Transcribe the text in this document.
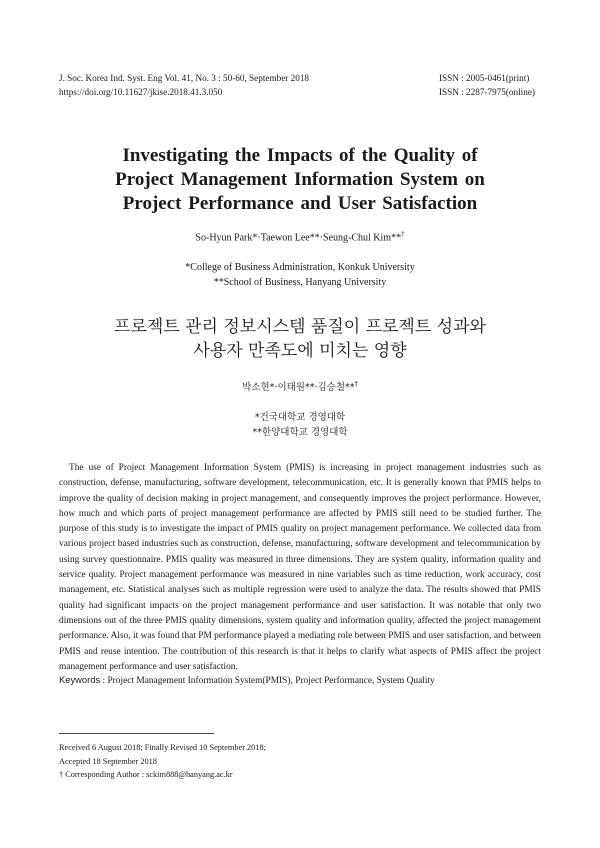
J. Soc. Korea Ind. Syst. Eng Vol. 41, No. 3 : 50-60, September 2018
https://doi.org/10.11627/jkise.2018.41.3.050
ISSN : 2005-0461(print)
ISSN : 2287-7975(online)
Investigating the Impacts of the Quality of
Project Management Information System on
Project Performance and User Satisfaction
So-Hyun Park*·Taewon Lee**·Seung-Chul Kim**†
*College of Business Administration, Konkuk University
**School of Business, Hanyang University
프로젝트 관리 정보시스템 품질이 프로젝트 성과와
사용자 만족도에 미치는 영향
박소현*·이태원**·김승철**†
*건국대학교 경영대학
**한양대학교 경영대학

The use of Project Management Information System (PMIS) is increasing in project management industries such as construction, defense, manufacturing, software development, telecommunication, etc. It is generally known that PMIS helps to improve the quality of decision making in project management, and consequently improves the project performance. However, how much and which parts of project management performance are affected by PMIS still need to be studied further. The purpose of this study is to investigate the impact of PMIS quality on project management performance. We collected data from various project based industries such as construction, defense, manufacturing, software development and telecommunication by using survey questionnaire. PMIS quality was measured in three dimensions. They are system quality, information quality and service quality. Project management performance was measured in nine variables such as time reduction, work accuracy, cost management, etc. Statistical analyses such as multiple regression were used to analyze the data. The results showed that PMIS quality had significant impacts on the project management performance and user satisfaction. It was notable that only two dimensions out of the three PMIS quality dimensions, system quality and information quality, affected the project management performance. Also, it was found that PM performance played a mediating role between PMIS and user satisfaction, and between PMIS and reuse intention. The contribution of this research is that it helps to clarify what aspects of PMIS affect the project management performance and user satisfaction.

Keywords : Project Management Information System(PMIS), Project Performance, System Quality
Received 6 August 2018; Finally Revised 10 September 2018;
Accepted 18 September 2018
† Corresponding Author : sckim888@hanyang.ac.kr
